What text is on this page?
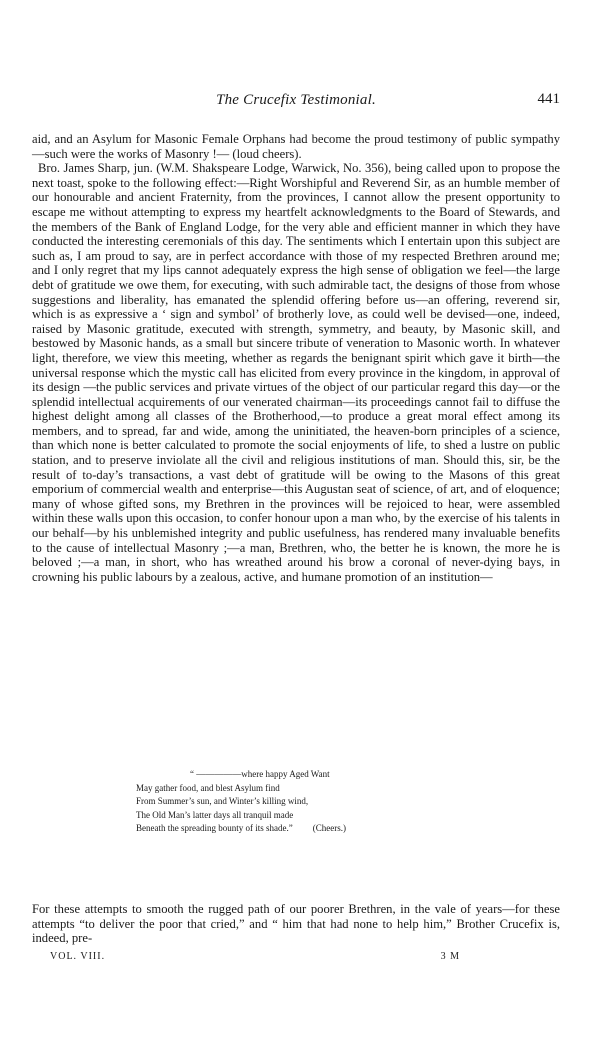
The Crucefix Testimonial.	441

aid, and an Asylum for Masonic Female Orphans had become the proud testimony of public sympathy—such were the works of Masonry !— (loud cheers).

Bro. James Sharp, jun. (W.M. Shakspeare Lodge, Warwick, No. 356), being called upon to propose the next toast, spoke to the following effect:—Right Worshipful and Reverend Sir, as an humble member of our honourable and ancient Fraternity, from the provinces, I cannot allow the present opportunity to escape me without attempting to express my heartfelt acknowledgments to the Board of Stewards, and the members of the Bank of England Lodge, for the very able and efficient manner in which they have conducted the interesting ceremonials of this day. The sentiments which I entertain upon this subject are such as, I am proud to say, are in perfect accordance with those of my respected Brethren around me; and I only regret that my lips cannot adequately express the high sense of obligation we feel—the large debt of gratitude we owe them, for executing, with such admirable tact, the designs of those from whose suggestions and liberality, has emanated the splendid offering before us—an offering, reverend sir, which is as expressive a ‘ sign and symbol’ of brotherly love, as could well be devised—one, indeed, raised by Masonic gratitude, executed with strength, symmetry, and beauty, by Masonic skill, and bestowed by Masonic hands, as a small but sincere tribute of veneration to Masonic worth. In whatever light, therefore, we view this meeting, whether as regards the benignant spirit which gave it birth—the universal response which the mystic call has elicited from every province in the kingdom, in approval of its design —the public services and private virtues of the object of our particular regard this day—or the splendid intellectual acquirements of our venerated chairman—its proceedings cannot fail to diffuse the highest delight among all classes of the Brotherhood,—to produce a great moral effect among its members, and to spread, far and wide, among the uninitiated, the heaven-born principles of a science, than which none is better calculated to promote the social enjoyments of life, to shed a lustre on public station, and to preserve inviolate all the civil and religious institutions of man. Should this, sir, be the result of to-day’s transactions, a vast debt of gratitude will be owing to the Masons of this great emporium of commercial wealth and enterprise—this Augustan seat of science, of art, and of eloquence; many of whose gifted sons, my Brethren in the provinces will be rejoiced to hear, were assembled within these walls upon this occasion, to confer honour upon a man who, by the exercise of his talents in our behalf—by his unblemished integrity and public usefulness, has rendered many invaluable benefits to the cause of intellectual Masonry ;—a man, Brethren, who, the better he is known, the more he is beloved ;—a man, in short, who has wreathed around his brow a coronal of never-dying bays, in crowning his public labours by a zealous, active, and humane promotion of an institution—

“ —————where happy Aged Want
May gather food, and blest Asylum find
From Summer’s sun, and Winter’s killing wind,
The Old Man’s latter days all tranquil made
Beneath the spreading bounty of its shade.” (Cheers.)
For these attempts to smooth the rugged path of our poorer Brethren, in the vale of years—for these attempts “to deliver the poor that cried,” and “ him that had none to help him,” Brother Crucefix is, indeed, pre-
VOL. VIII.	3 M
